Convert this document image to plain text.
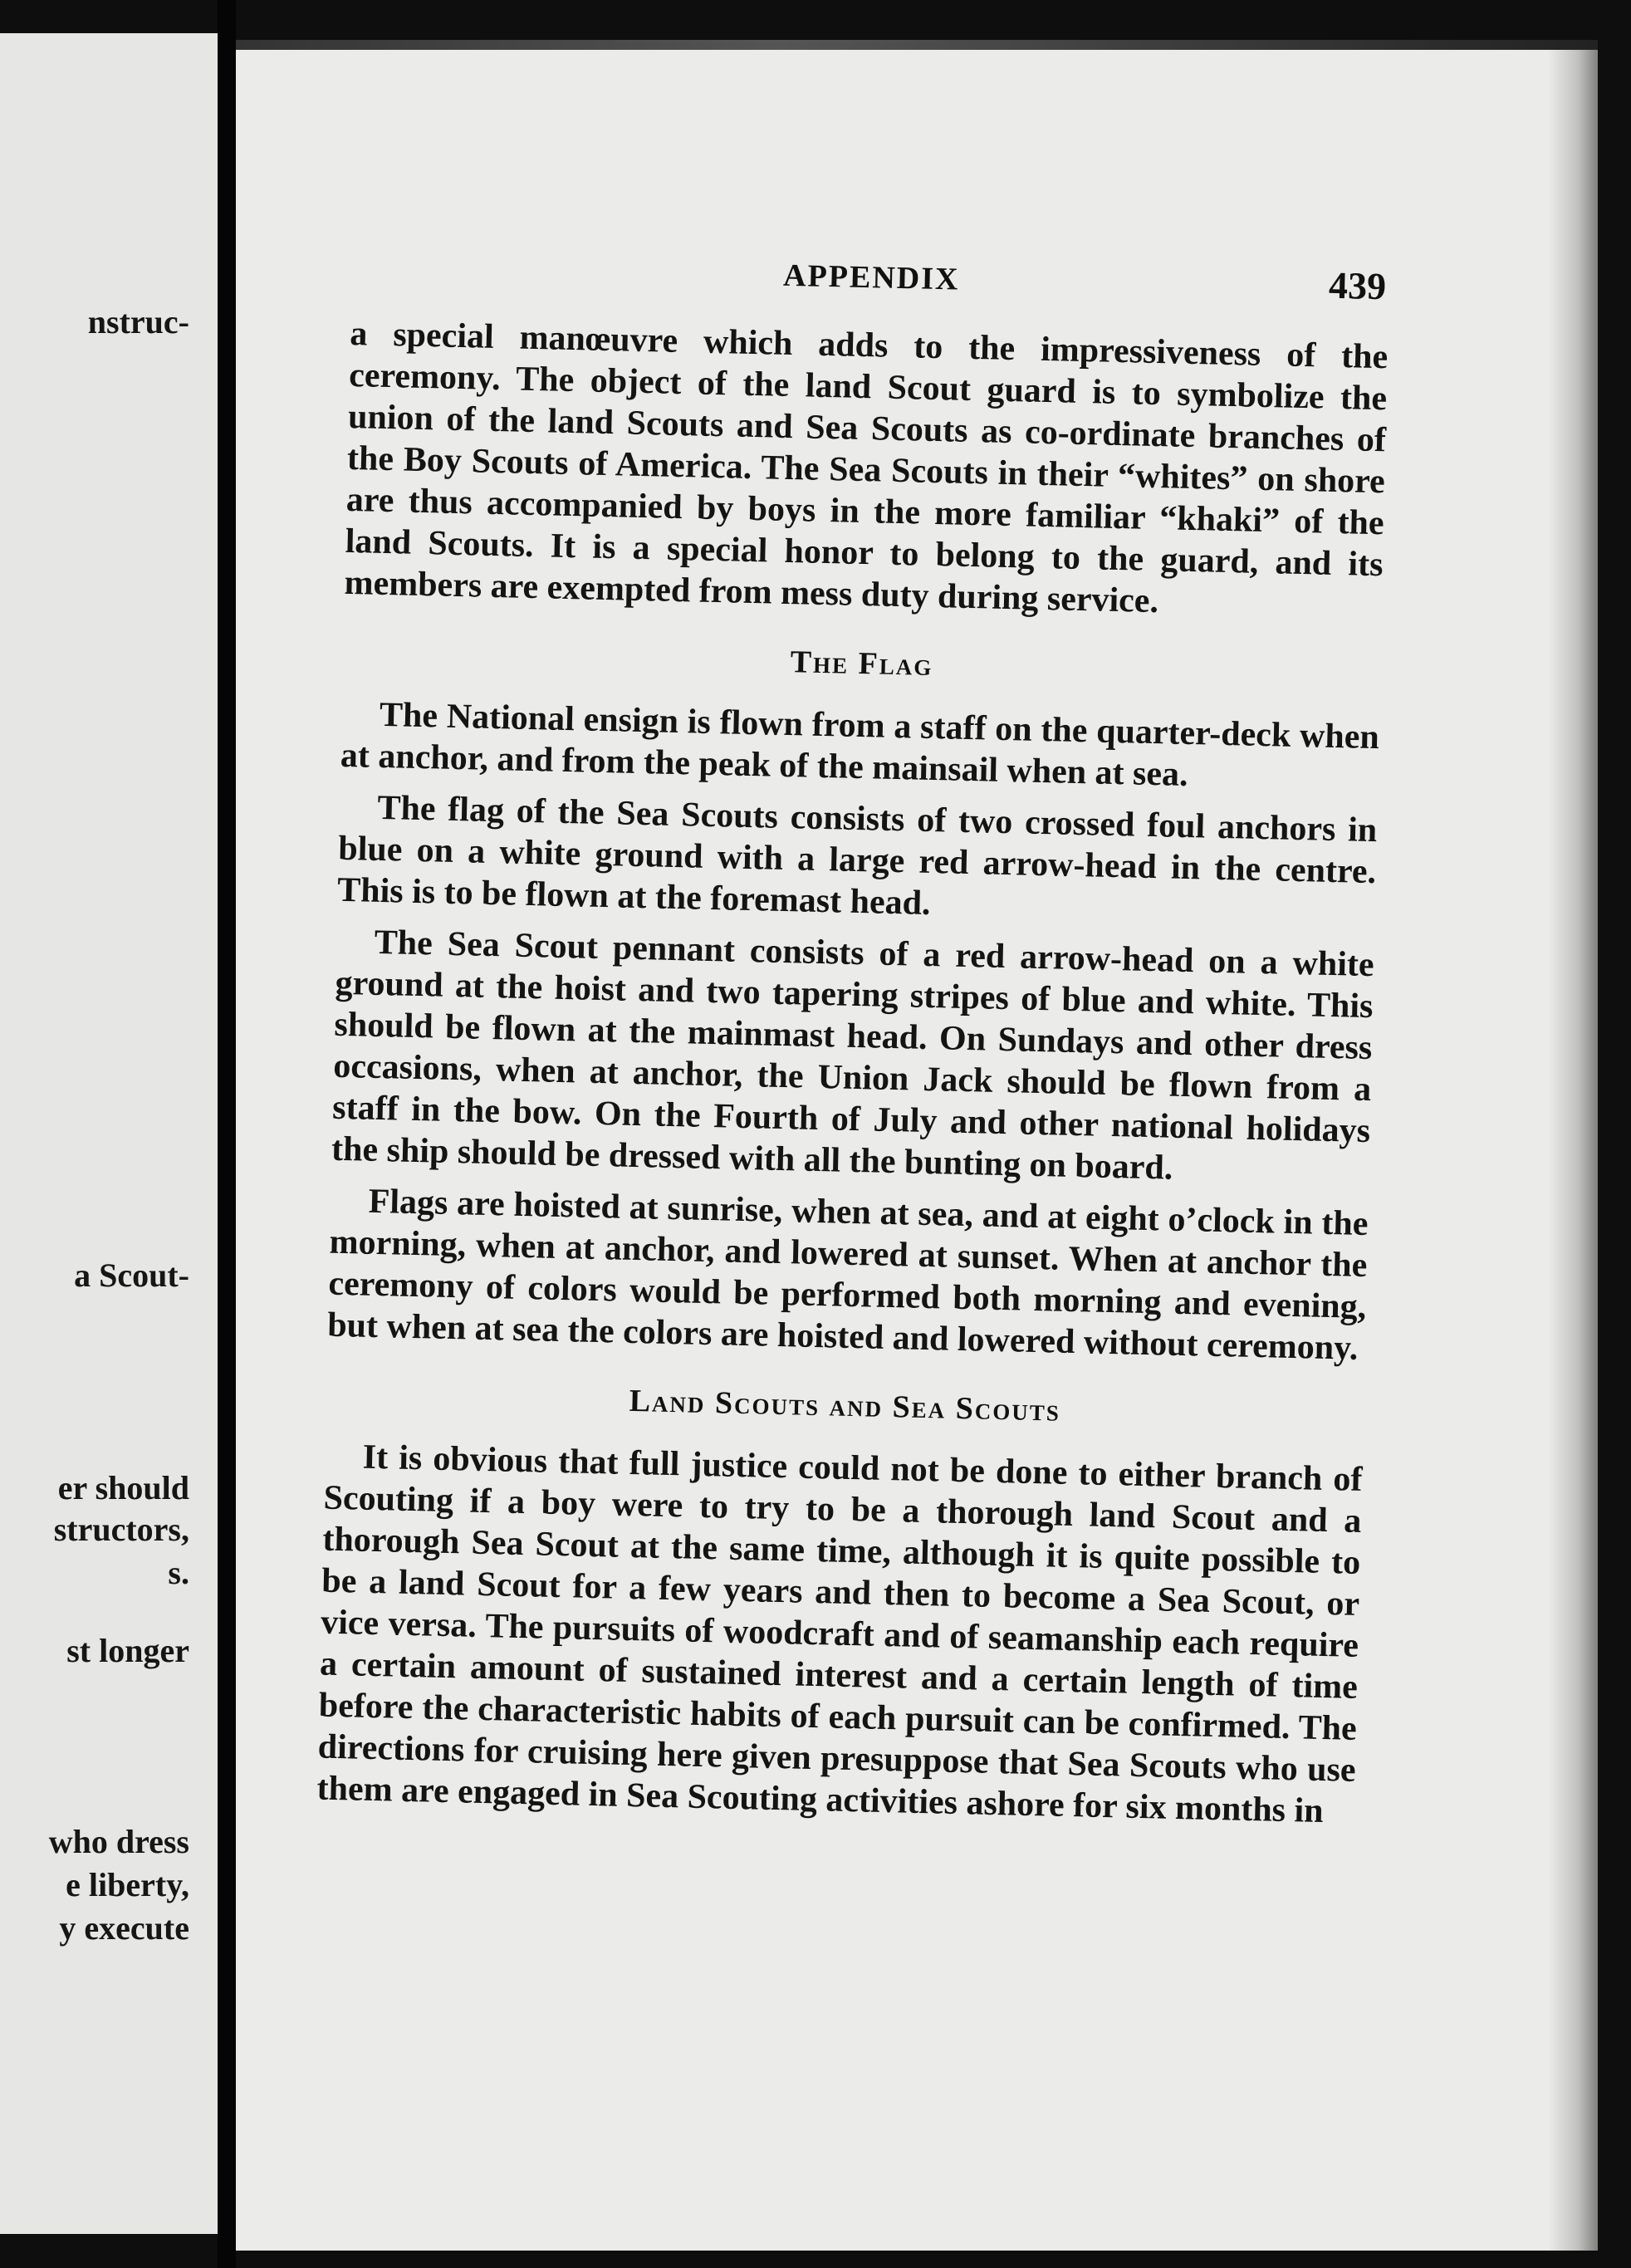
nstruc-
a Scout-
er should
structors,
s.
st longer
who dress
e liberty,
y execute
APPENDIX	439

a special manœuvre which adds to the impressiveness of the ceremony. The object of the land Scout guard is to symbolize the union of the land Scouts and Sea Scouts as co-ordinate branches of the Boy Scouts of America. The Sea Scouts in their “whites” on shore are thus accompanied by boys in the more familiar “khaki” of the land Scouts. It is a special honor to belong to the guard, and its members are exempted from mess duty during service.

The Flag

The National ensign is flown from a staff on the quarter-deck when at anchor, and from the peak of the mainsail when at sea.

The flag of the Sea Scouts consists of two crossed foul anchors in blue on a white ground with a large red arrow-head in the centre. This is to be flown at the foremast head.

The Sea Scout pennant consists of a red arrow-head on a white ground at the hoist and two tapering stripes of blue and white. This should be flown at the mainmast head. On Sundays and other dress occasions, when at anchor, the Union Jack should be flown from a staff in the bow. On the Fourth of July and other national holidays the ship should be dressed with all the bunting on board.

Flags are hoisted at sunrise, when at sea, and at eight o’clock in the morning, when at anchor, and lowered at sunset. When at anchor the ceremony of colors would be performed both morning and evening, but when at sea the colors are hoisted and lowered without ceremony.

Land Scouts and Sea Scouts

It is obvious that full justice could not be done to either branch of Scouting if a boy were to try to be a thorough land Scout and a thorough Sea Scout at the same time, although it is quite possible to be a land Scout for a few years and then to become a Sea Scout, or vice versa. The pursuits of woodcraft and of seamanship each require a certain amount of sustained interest and a certain length of time before the characteristic habits of each pursuit can be confirmed. The directions for cruising here given presuppose that Sea Scouts who use them are engaged in Sea Scouting activities ashore for six months in
